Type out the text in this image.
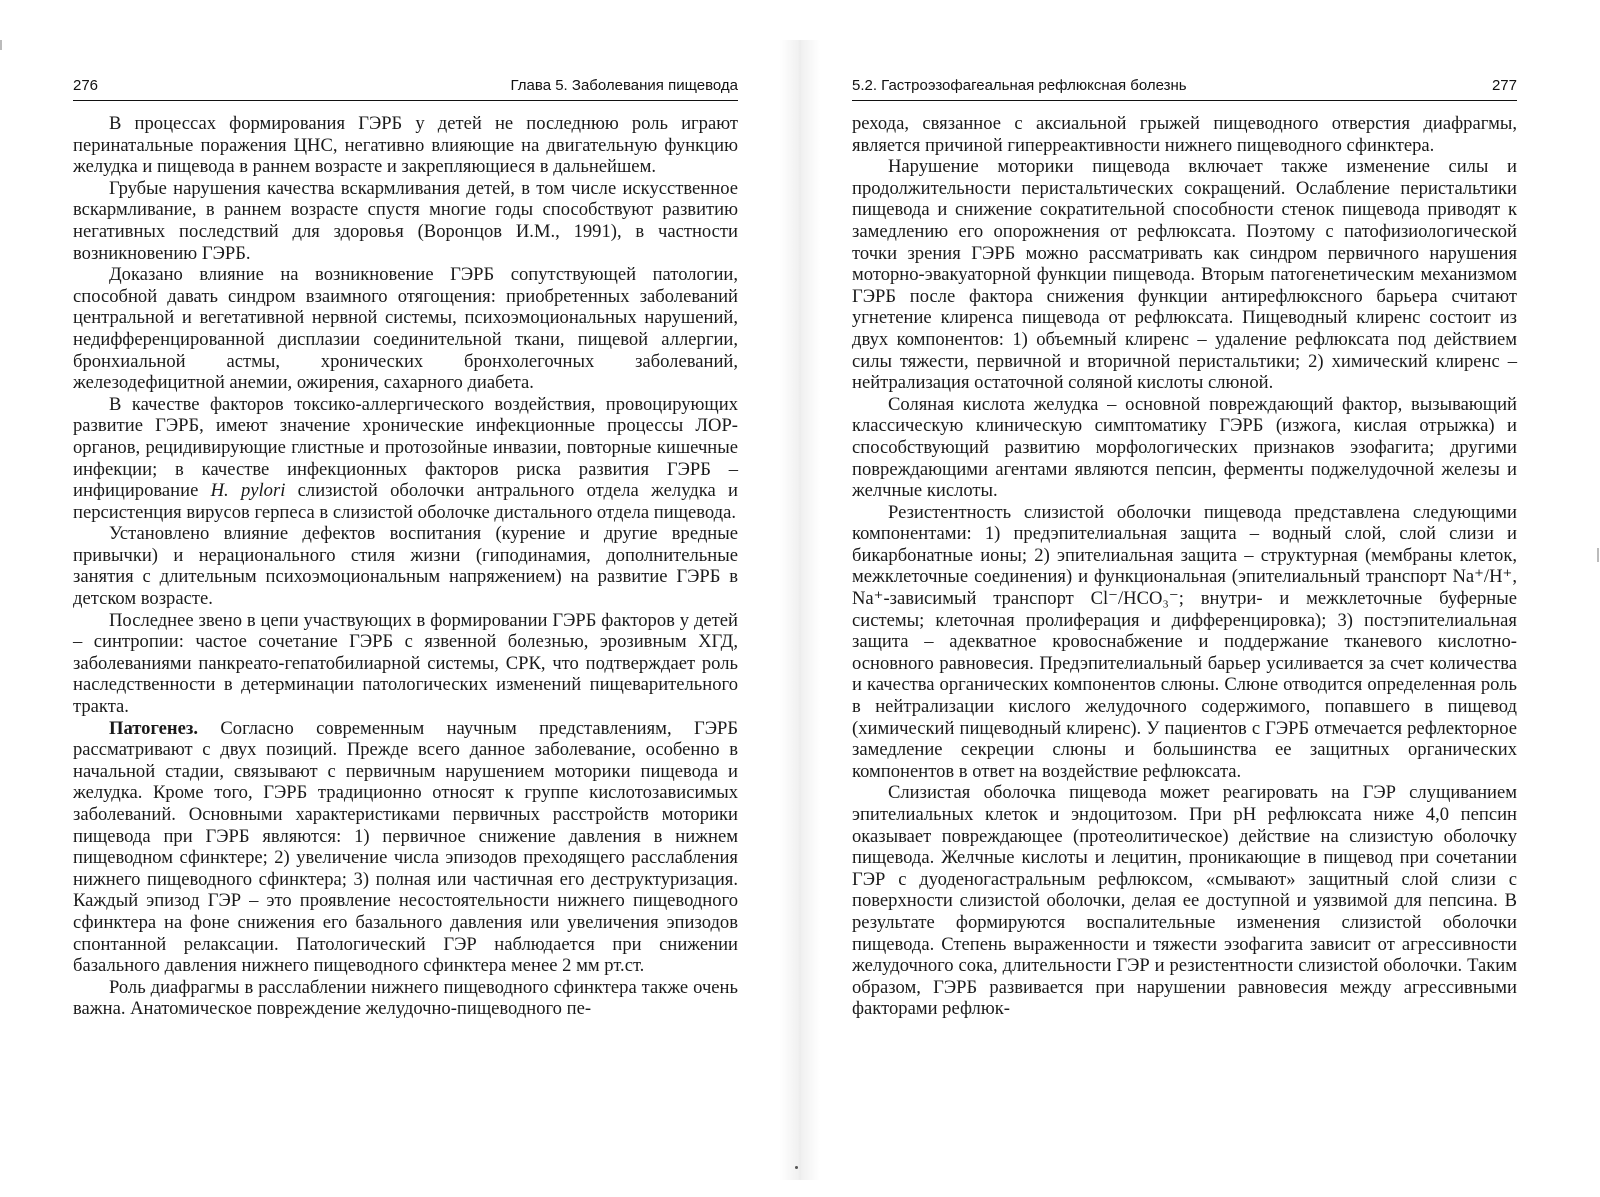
276	Глава 5. Заболевания пищевода

В процессах формирования ГЭРБ у детей не последнюю роль играют перинатальные поражения ЦНС, негативно влияющие на двигательную функцию желудка и пищевода в раннем возрасте и закрепляющиеся в дальнейшем.

Грубые нарушения качества вскармливания детей, в том числе искусственное вскармливание, в раннем возрасте спустя многие годы способствуют развитию негативных последствий для здоровья (Воронцов И.М., 1991), в частности возникновению ГЭРБ.

Доказано влияние на возникновение ГЭРБ сопутствующей патологии, способной давать синдром взаимного отягощения: приобретенных заболеваний центральной и вегетативной нервной системы, психоэмоциональных нарушений, недифференцированной дисплазии соединительной ткани, пищевой аллергии, бронхиальной астмы, хронических бронхолегочных заболеваний, железодефицитной анемии, ожирения, сахарного диабета.

В качестве факторов токсико-аллергического воздействия, провоцирующих развитие ГЭРБ, имеют значение хронические инфекционные процессы ЛОР-органов, рецидивирующие глистные и протозойные инвазии, повторные кишечные инфекции; в качестве инфекционных факторов риска развития ГЭРБ – инфицирование H. pylori слизистой оболочки антрального отдела желудка и персистенция вирусов герпеса в слизистой оболочке дистального отдела пищевода.

Установлено влияние дефектов воспитания (курение и другие вредные привычки) и нерационального стиля жизни (гиподинамия, дополнительные занятия с длительным психоэмоциональным напряжением) на развитие ГЭРБ в детском возрасте.

Последнее звено в цепи участвующих в формировании ГЭРБ факторов у детей – синтропии: частое сочетание ГЭРБ с язвенной болезнью, эрозивным ХГД, заболеваниями панкреато-гепатобилиарной системы, СРК, что подтверждает роль наследственности в детерминации патологических изменений пищеварительного тракта.

Патогенез. Согласно современным научным представлениям, ГЭРБ рассматривают с двух позиций. Прежде всего данное заболевание, особенно в начальной стадии, связывают с первичным нарушением моторики пищевода и желудка. Кроме того, ГЭРБ традиционно относят к группе кислотозависимых заболеваний. Основными характеристиками первичных расстройств моторики пищевода при ГЭРБ являются: 1) первичное снижение давления в нижнем пищеводном сфинктере; 2) увеличение числа эпизодов преходящего расслабления нижнего пищеводного сфинктера; 3) полная или частичная его деструктуризация. Каждый эпизод ГЭР – это проявление несостоятельности нижнего пищеводного сфинктера на фоне снижения его базального давления или увеличения эпизодов спонтанной релаксации. Патологический ГЭР наблюдается при снижении базального давления нижнего пищеводного сфинктера менее 2 мм рт.ст.

Роль диафрагмы в расслаблении нижнего пищеводного сфинктера также очень важна. Анатомическое повреждение желудочно-пищеводного пе-

5.2. Гастроэзофагеальная рефлюксная болезнь	277

рехода, связанное с аксиальной грыжей пищеводного отверстия диафрагмы, является причиной гиперреактивности нижнего пищеводного сфинктера.

Нарушение моторики пищевода включает также изменение силы и продолжительности перистальтических сокращений. Ослабление перистальтики пищевода и снижение сократительной способности стенок пищевода приводят к замедлению его опорожнения от рефлюксата. Поэтому с патофизиологической точки зрения ГЭРБ можно рассматривать как синдром первичного нарушения моторно-эвакуаторной функции пищевода. Вторым патогенетическим механизмом ГЭРБ после фактора снижения функции антирефлюксного барьера считают угнетение клиренса пищевода от рефлюксата. Пищеводный клиренс состоит из двух компонентов: 1) объемный клиренс – удаление рефлюксата под действием силы тяжести, первичной и вторичной перистальтики; 2) химический клиренс – нейтрализация остаточной соляной кислоты слюной.

Соляная кислота желудка – основной повреждающий фактор, вызывающий классическую клиническую симптоматику ГЭРБ (изжога, кислая отрыжка) и способствующий развитию морфологических признаков эзофагита; другими повреждающими агентами являются пепсин, ферменты поджелудочной железы и желчные кислоты.

Резистентность слизистой оболочки пищевода представлена следующими компонентами: 1) предэпителиальная защита – водный слой, слой слизи и бикарбонатные ионы; 2) эпителиальная защита – структурная (мембраны клеток, межклеточные соединения) и функциональная (эпителиальный транспорт Na⁺/H⁺, Na⁺-зависимый транспорт Cl⁻/HCO₃⁻; внутри- и межклеточные буферные системы; клеточная пролиферация и дифференцировка); 3) постэпителиальная защита – адекватное кровоснабжение и поддержание тканевого кислотно-основного равновесия. Предэпителиальный барьер усиливается за счет количества и качества органических компонентов слюны. Слюне отводится определенная роль в нейтрализации кислого желудочного содержимого, попавшего в пищевод (химический пищеводный клиренс). У пациентов с ГЭРБ отмечается рефлекторное замедление секреции слюны и большинства ее защитных органических компонентов в ответ на воздействие рефлюксата.

Слизистая оболочка пищевода может реагировать на ГЭР слущиванием эпителиальных клеток и эндоцитозом. При pH рефлюксата ниже 4,0 пепсин оказывает повреждающее (протеолитическое) действие на слизистую оболочку пищевода. Желчные кислоты и лецитин, проникающие в пищевод при сочетании ГЭР с дуоденогастральным рефлюксом, «смывают» защитный слой слизи с поверхности слизистой оболочки, делая ее доступной и уязвимой для пепсина. В результате формируются воспалительные изменения слизистой оболочки пищевода. Степень выраженности и тяжести эзофагита зависит от агрессивности желудочного сока, длительности ГЭР и резистентности слизистой оболочки. Таким образом, ГЭРБ развивается при нарушении равновесия между агрессивными факторами рефлюк-
